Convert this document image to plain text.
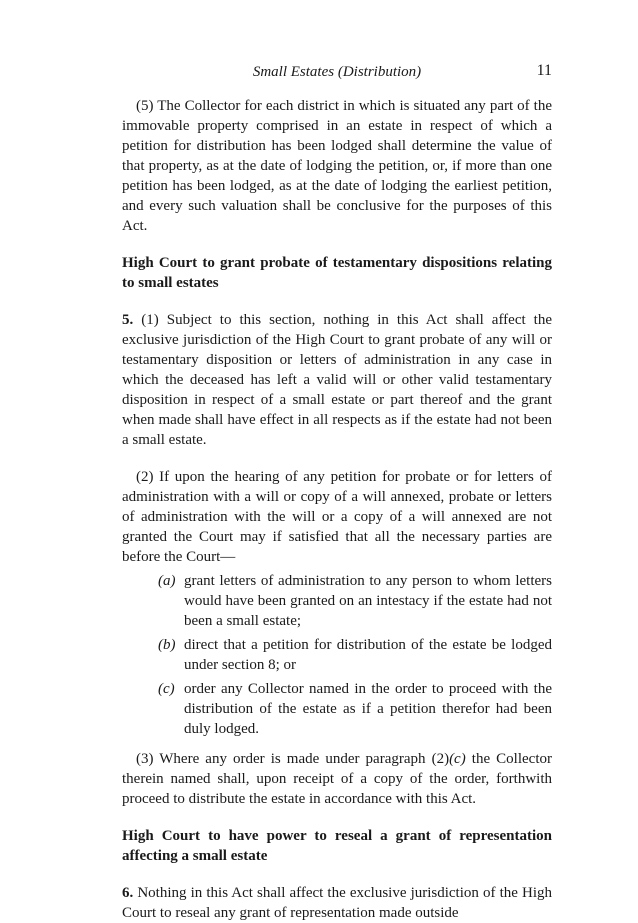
Small Estates (Distribution)	11

(5) The Collector for each district in which is situated any part of the immovable property comprised in an estate in respect of which a petition for distribution has been lodged shall determine the value of that property, as at the date of lodging the petition, or, if more than one petition has been lodged, as at the date of lodging the earliest petition, and every such valuation shall be conclusive for the purposes of this Act.

High Court to grant probate of testamentary dispositions relating to small estates

5. (1) Subject to this section, nothing in this Act shall affect the exclusive jurisdiction of the High Court to grant probate of any will or testamentary disposition or letters of administration in any case in which the deceased has left a valid will or other valid testamentary disposition in respect of a small estate or part thereof and the grant when made shall have effect in all respects as if the estate had not been a small estate.

(2) If upon the hearing of any petition for probate or for letters of administration with a will or copy of a will annexed, probate or letters of administration with the will or a copy of a will annexed are not granted the Court may if satisfied that all the necessary parties are before the Court—

(a) grant letters of administration to any person to whom letters would have been granted on an intestacy if the estate had not been a small estate;
(b) direct that a petition for distribution of the estate be lodged under section 8; or
(c) order any Collector named in the order to proceed with the distribution of the estate as if a petition therefor had been duly lodged.

(3) Where any order is made under paragraph (2)(c) the Collector therein named shall, upon receipt of a copy of the order, forthwith proceed to distribute the estate in accordance with this Act.

High Court to have power to reseal a grant of representation affecting a small estate

6. Nothing in this Act shall affect the exclusive jurisdiction of the High Court to reseal any grant of representation made outside
